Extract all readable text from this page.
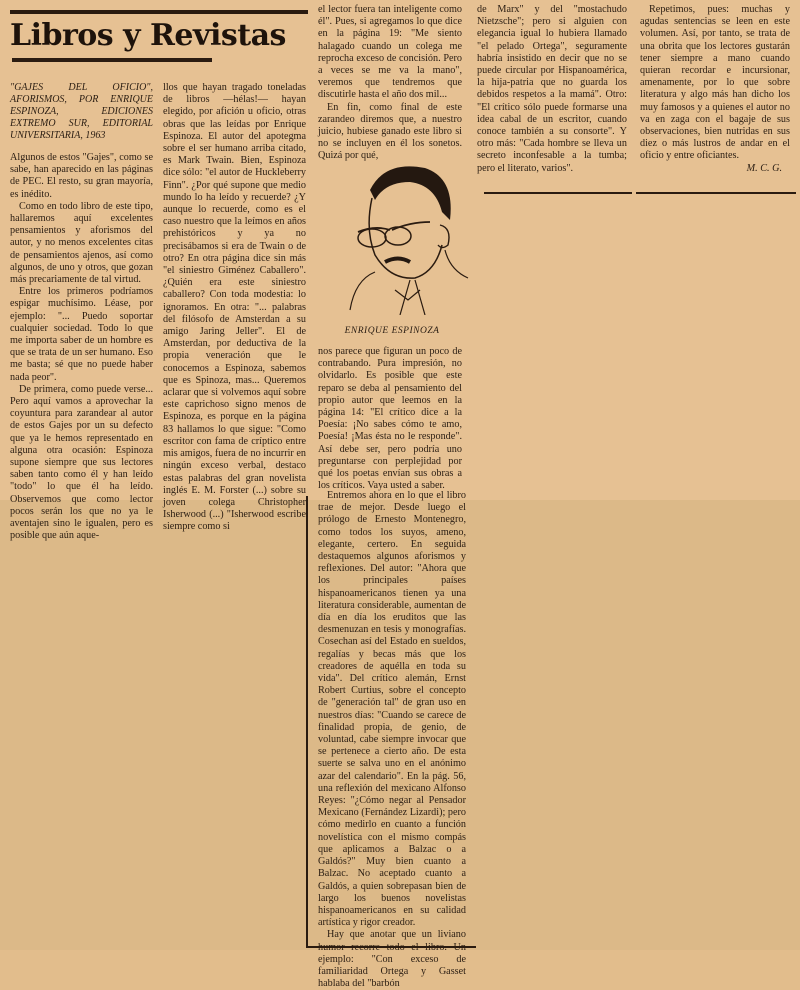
Libros y Revistas

"GAJES DEL OFICIO", AFORISMOS, POR ENRIQUE ESPINOZA, EDICIONES EXTREMO SUR, EDITORIAL UNIVERSITARIA, 1963

Algunos de estos "Gajes", como se sabe, han aparecido en las páginas de PEC. El resto, su gran mayoría, es inédito.

Como en todo libro de este tipo, hallaremos aquí excelentes pensamientos y aforismos del autor, y no menos excelentes citas de pensamientos ajenos, así como algunos, de uno y otros, que gozan más precariamente de tal virtud.

Entre los primeros podríamos espigar muchísimo. Léase, por ejemplo: "... Puedo soportar cualquier sociedad. Todo lo que me importa saber de un hombre es que se trata de un ser humano. Eso me basta; sé que no puede haber nada peor".

De primera, como puede verse... Pero aquí vamos a aprovechar la coyuntura para zarandear al autor de estos Gajes por un su defecto que ya le hemos representado en alguna otra ocasión: Espinoza supone siempre que sus lectores saben tanto como él y han leído "todo" lo que él ha leído. Observemos que como lector pocos serán los que no ya le aventajen sino le igualen, pero es posible que aún aque-

llos que hayan tragado toneladas de libros —hélas!— hayan elegido, por afición u oficio, otras obras que las leídas por Enrique Espinoza. El autor del apotegma sobre el ser humano arriba citado, es Mark Twain. Bien, Espinoza dice sólo: "el autor de Huckleberry Finn". ¿Por qué supone que medio mundo lo ha leído y recuerde? ¿Y aunque lo recuerde, como es el caso nuestro que la leímos en años prehistóricos y ya no precisábamos si era de Twain o de otro? En otra página dice sin más "el siniestro Giménez Caballero". ¿Quién era este siniestro caballero? Con toda modestia: lo ignoramos. En otra: "... palabras del filósofo de Amsterdan a su amigo Jaring Jeller". El de Amsterdan, por deductiva de la propia veneración que le conocemos a Espinoza, sabemos que es Spinoza, mas... Queremos aclarar que si volvemos aquí sobre este caprichoso signo menos de Espinoza, es porque en la página 83 hallamos lo que sigue: "Como escritor con fama de críptico entre mis amigos, fuera de no incurrir en ningún exceso verbal, destaco estas palabras del gran novelista inglés E. M. Forster (...) sobre su joven colega Christopher Isherwood (...) "Isherwood escribe siempre como si

el lector fuera tan inteligente como él". Pues, si agregamos lo que dice en la página 19: "Me siento halagado cuando un colega me reprocha exceso de concisión. Pero a veces se me va la mano", veremos que tendremos que discutirle hasta el año dos mil...

En fin, como final de este zarandeo diremos que, a nuestro juicio, hubiese ganado este libro si no se incluyen en él los sonetos. Quizá por qué,

ENRIQUE ESPINOZA

nos parece que figuran un poco de contrabando. Pura impresión, no olvidarlo. Es posible que este reparo se deba al pensamiento del propio autor que leemos en la página 14: "El crítico dice a la Poesía: ¡No sabes cómo te amo, Poesía! ¡Mas ésta no le responde". Así debe ser, pero podría uno preguntarse con perplejidad por qué los poetas envían sus obras a los críticos. Vaya usted a saber.

Entremos ahora en lo que el libro trae de mejor. Desde luego el prólogo de Ernesto Montenegro, como todos los suyos, ameno, elegante, certero. En seguida destaquemos algunos aforismos y reflexiones. Del autor: "Ahora que los principales países hispanoamericanos tienen ya una literatura considerable, aumentan de día en día los eruditos que las desmenuzan en tesis y monografías. Cosechan así del Estado en sueldos, regalías y becas más que los creadores de aquélla en toda su vida". Del crítico alemán, Ernst Robert Curtius, sobre el concepto de "generación tal" de gran uso en nuestros días: "Cuando se carece de finalidad propia, de genio, de voluntad, cabe siempre invocar que se pertenece a cierto año. De esta suerte se salva uno en el anónimo azar del calendario". En la pág. 56, una reflexión del mexicano Alfonso Reyes: "¿Cómo negar al Pensador Mexicano (Fernández Lizardi); pero cómo medirlo en cuanto a función novelística con el mismo compás que aplicamos a Balzac o a Galdós?" Muy bien cuanto a Balzac. No aceptado cuanto a Galdós, a quien sobrepasan bien de largo los buenos novelistas hispanoamericanos en su calidad artística y rigor creador.

Hay que anotar que un liviano humor recorre todo el libro. Un ejemplo: "Con exceso de familiaridad Ortega y Gasset hablaba del "barbón

de Marx" y del "mostachudo Nietzsche"; pero si alguien con elegancia igual lo hubiera llamado "el pelado Ortega", seguramente habría insistido en decir que no se puede circular por Hispanoamérica, la hija-patria que no guarda los debidos respetos a la mamá". Otro: "El crítico sólo puede formarse una idea cabal de un escritor, cuando conoce también a su consorte". Y otro más: "Cada hombre se lleva un secreto inconfesable a la tumba; pero el literato, varios".

Repetimos, pues: muchas y agudas sentencias se leen en este volumen. Así, por tanto, se trata de una obrita que los lectores gustarán tener siempre a mano cuando quieran recordar e incursionar, amenamente, por lo que sobre literatura y algo más han dicho los muy famosos y a quienes el autor no va en zaga con el bagaje de sus observaciones, bien nutridas en sus diez o más lustros de andar en el oficio y entre oficiantes.

M. C. G.
